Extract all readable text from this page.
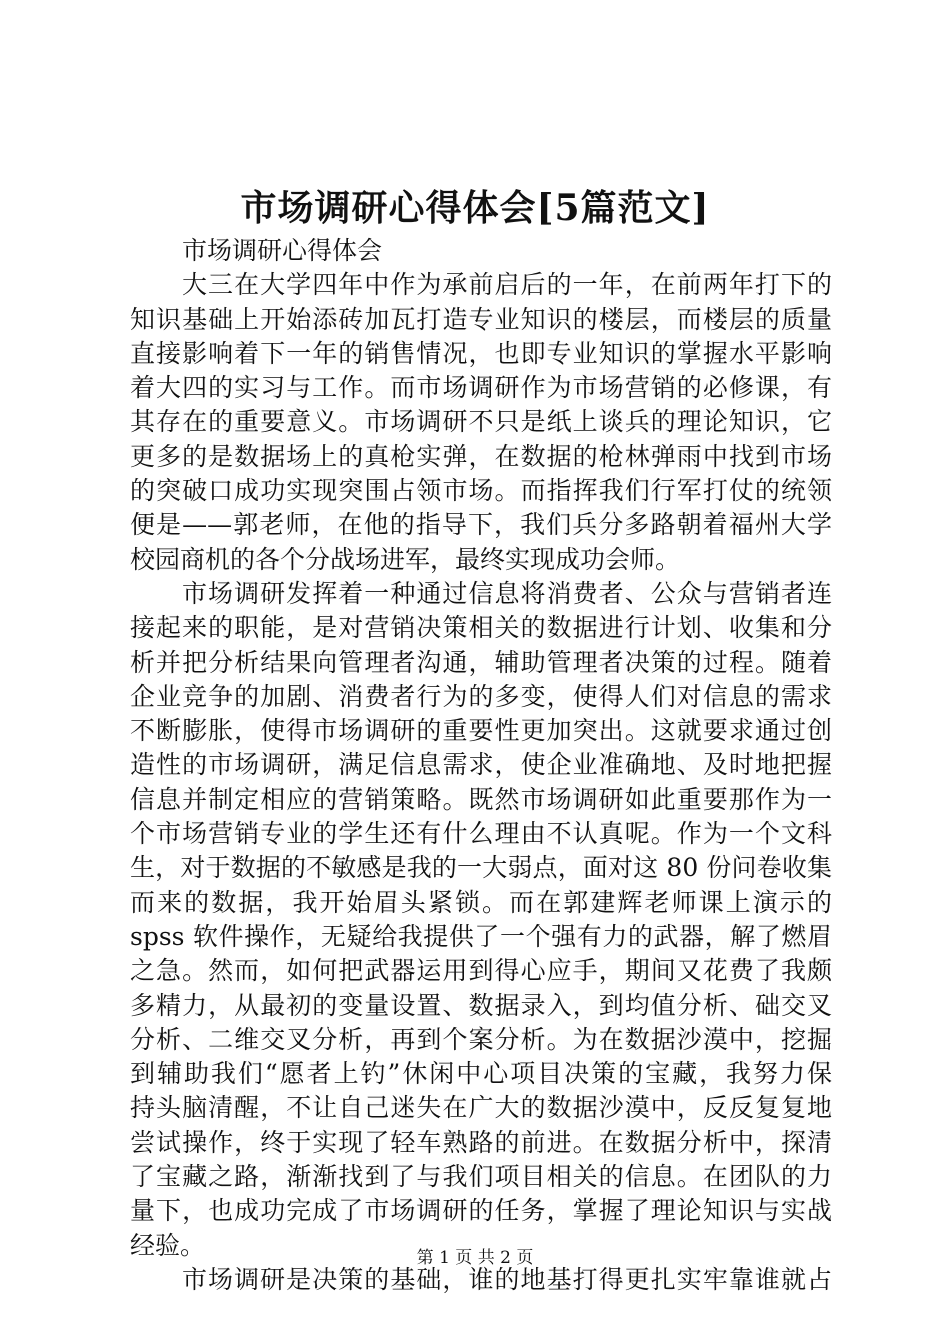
市场调研心得体会[5篇范文]
市场调研心得体会
大三在大学四年中作为承前启后的一年，在前两年打下的
知识基础上开始添砖加瓦打造专业知识的楼层，而楼层的质量
直接影响着下一年的销售情况，也即专业知识的掌握水平影响
着大四的实习与工作。而市场调研作为市场营销的必修课，有
其存在的重要意义。市场调研不只是纸上谈兵的理论知识，它
更多的是数据场上的真枪实弹，在数据的枪林弹雨中找到市场
的突破口成功实现突围占领市场。而指挥我们行军打仗的统领
便是——郭老师，在他的指导下，我们兵分多路朝着福州大学
校园商机的各个分战场进军，最终实现成功会师。
市场调研发挥着一种通过信息将消费者、公众与营销者连
接起来的职能，是对营销决策相关的数据进行计划、收集和分
析并把分析结果向管理者沟通，辅助管理者决策的过程。随着
企业竞争的加剧、消费者行为的多变，使得人们对信息的需求
不断膨胀，使得市场调研的重要性更加突出。这就要求通过创
造性的市场调研，满足信息需求，使企业准确地、及时地把握
信息并制定相应的营销策略。既然市场调研如此重要那作为一
个市场营销专业的学生还有什么理由不认真呢。作为一个文科
生，对于数据的不敏感是我的一大弱点，面对这 80 份问卷收集
而来的数据，我开始眉头紧锁。而在郭建辉老师课上演示的
spss 软件操作，无疑给我提供了一个强有力的武器，解了燃眉
之急。然而，如何把武器运用到得心应手，期间又花费了我颇
多精力，从最初的变量设置、数据录入，到均值分析、础交叉
分析、二维交叉分析，再到个案分析。为在数据沙漠中，挖掘
到辅助我们“愿者上钓”休闲中心项目决策的宝藏，我努力保
持头脑清醒，不让自己迷失在广大的数据沙漠中，反反复复地
尝试操作，终于实现了轻车熟路的前进。在数据分析中，探清
了宝藏之路，渐渐找到了与我们项目相关的信息。在团队的力
量下，也成功完成了市场调研的任务，掌握了理论知识与实战
经验。
市场调研是决策的基础，谁的地基打得更扎实牢靠谁就占
第 1 页 共 2 页
